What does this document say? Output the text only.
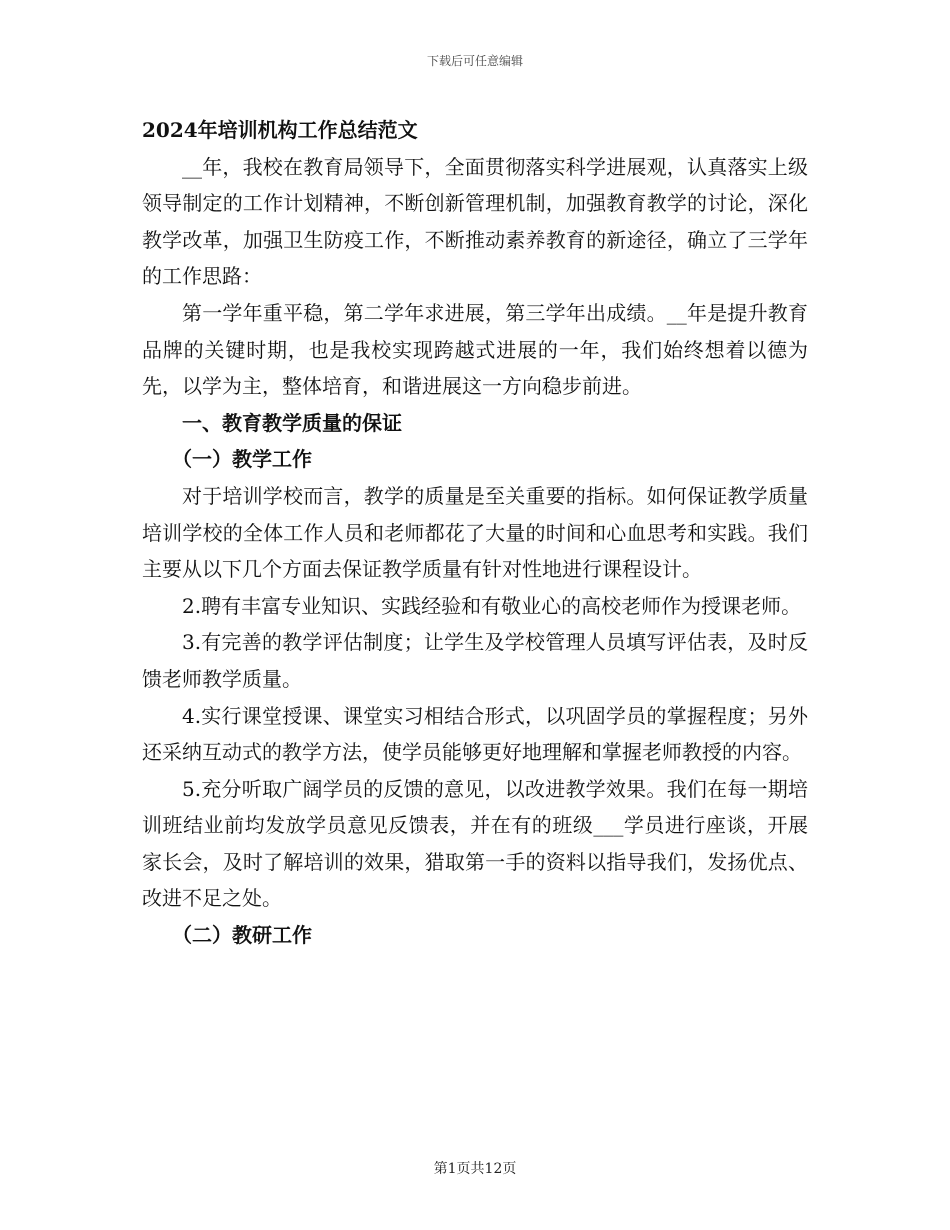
下载后可任意编辑

2024年培训机构工作总结范文

__年，我校在教育局领导下，全面贯彻落实科学进展观，认真落实上级领导制定的工作计划精神，不断创新管理机制，加强教育教学的讨论，深化教学改革，加强卫生防疫工作，不断推动素养教育的新途径，确立了三学年的工作思路：

第一学年重平稳，第二学年求进展，第三学年出成绩。__年是提升教育品牌的关键时期，也是我校实现跨越式进展的一年，我们始终想着以德为先，以学为主，整体培育，和谐进展这一方向稳步前进。

一、教育教学质量的保证

（一）教学工作

对于培训学校而言，教学的质量是至关重要的指标。如何保证教学质量培训学校的全体工作人员和老师都花了大量的时间和心血思考和实践。我们主要从以下几个方面去保证教学质量有针对性地进行课程设计。

2.聘有丰富专业知识、实践经验和有敬业心的高校老师作为授课老师。

3.有完善的教学评估制度；让学生及学校管理人员填写评估表，及时反馈老师教学质量。

4.实行课堂授课、课堂实习相结合形式，以巩固学员的掌握程度；另外还采纳互动式的教学方法，使学员能够更好地理解和掌握老师教授的内容。

5.充分听取广阔学员的反馈的意见，以改进教学效果。我们在每一期培训班结业前均发放学员意见反馈表，并在有的班级___学员进行座谈，开展家长会，及时了解培训的效果，猎取第一手的资料以指导我们，发扬优点、改进不足之处。

（二）教研工作

第1页共12页
